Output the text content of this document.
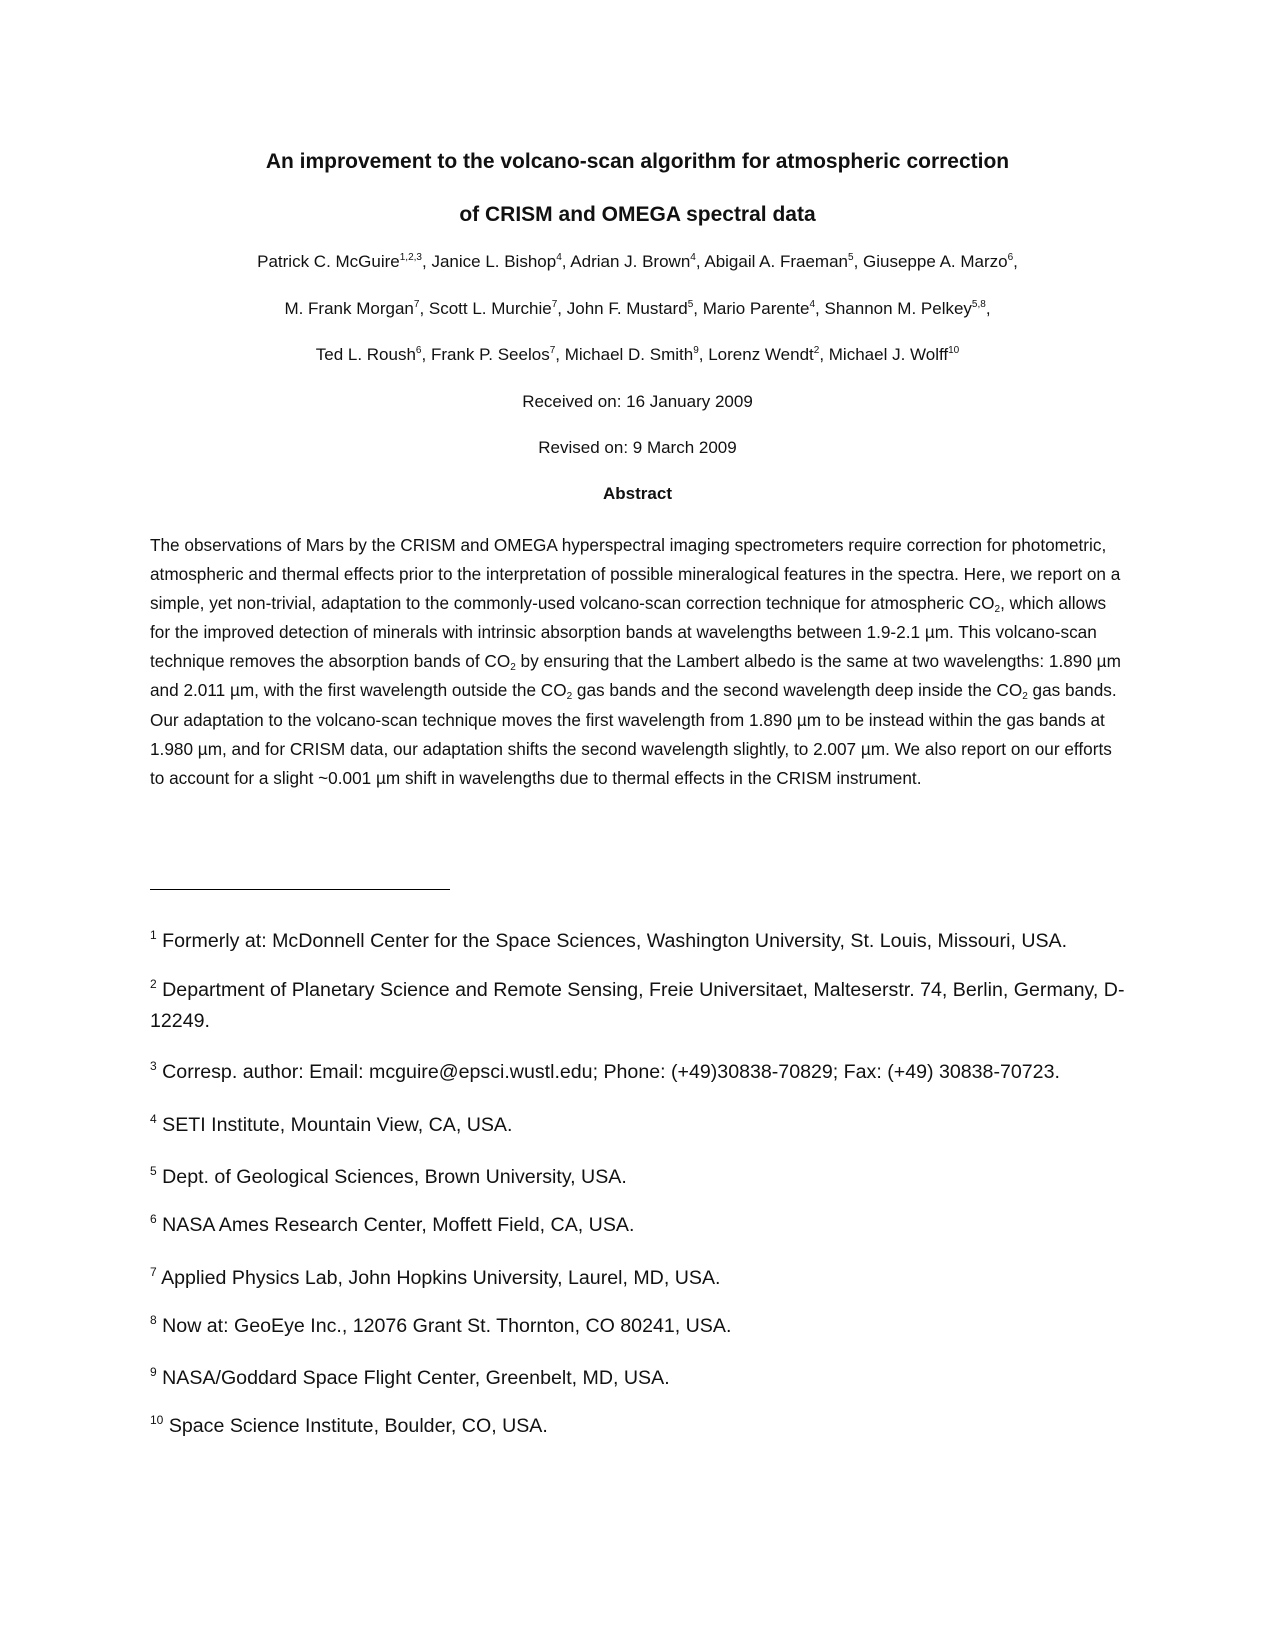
An improvement to the volcano-scan algorithm for atmospheric correction
of CRISM and OMEGA spectral data
Patrick C. McGuire$^{1,2,3}$, Janice L. Bishop$^4$, Adrian J. Brown$^4$, Abigail A. Fraeman$^5$, Giuseppe A. Marzo$^6$,
M. Frank Morgan$^7$, Scott L. Murchie$^7$, John F. Mustard$^5$, Mario Parente$^4$, Shannon M. Pelkey$^{5,8}$,
Ted L. Roush$^6$, Frank P. Seelos$^7$, Michael D. Smith$^9$, Lorenz Wendt$^2$, Michael J. Wolff$^{10}$
Received on: 16 January 2009
Revised on: 9 March 2009
Abstract

The observations of Mars by the CRISM and OMEGA hyperspectral imaging spectrometers require correction for photometric, atmospheric and thermal effects prior to the interpretation of possible mineralogical features in the spectra. Here, we report on a simple, yet non-trivial, adaptation to the commonly-used volcano-scan correction technique for atmospheric $CO_2$, which allows for the improved detection of minerals with intrinsic absorption bands at wavelengths between 1.9-2.1 µm. This volcano-scan technique removes the absorption bands of $CO_2$ by ensuring that the Lambert albedo is the same at two wavelengths: 1.890 µm and 2.011 µm, with the first wavelength outside the $CO_2$ gas bands and the second wavelength deep inside the $CO_2$ gas bands. Our adaptation to the volcano-scan technique moves the first wavelength from 1.890 µm to be instead within the gas bands at 1.980 µm, and for CRISM data, our adaptation shifts the second wavelength slightly, to 2.007 µm. We also report on our efforts to account for a slight ~0.001 µm shift in wavelengths due to thermal effects in the CRISM instrument.

$^1$ Formerly at: McDonnell Center for the Space Sciences, Washington University, St. Louis, Missouri, USA.
$^2$ Department of Planetary Science and Remote Sensing, Freie Universitaet, Malteserstr. 74, Berlin, Germany, D-12249.
$^3$ Corresp. author: Email: mcguire@epsci.wustl.edu; Phone: (+49)30838-70829; Fax: (+49) 30838-70723.
$^4$ SETI Institute, Mountain View, CA, USA.
$^5$ Dept. of Geological Sciences, Brown University, USA.
$^6$ NASA Ames Research Center, Moffett Field, CA, USA.
$^7$ Applied Physics Lab, John Hopkins University, Laurel, MD, USA.
$^8$ Now at: GeoEye Inc., 12076 Grant St. Thornton, CO 80241, USA.
$^9$ NASA/Goddard Space Flight Center, Greenbelt, MD, USA.
$^{10}$ Space Science Institute, Boulder, CO, USA.
